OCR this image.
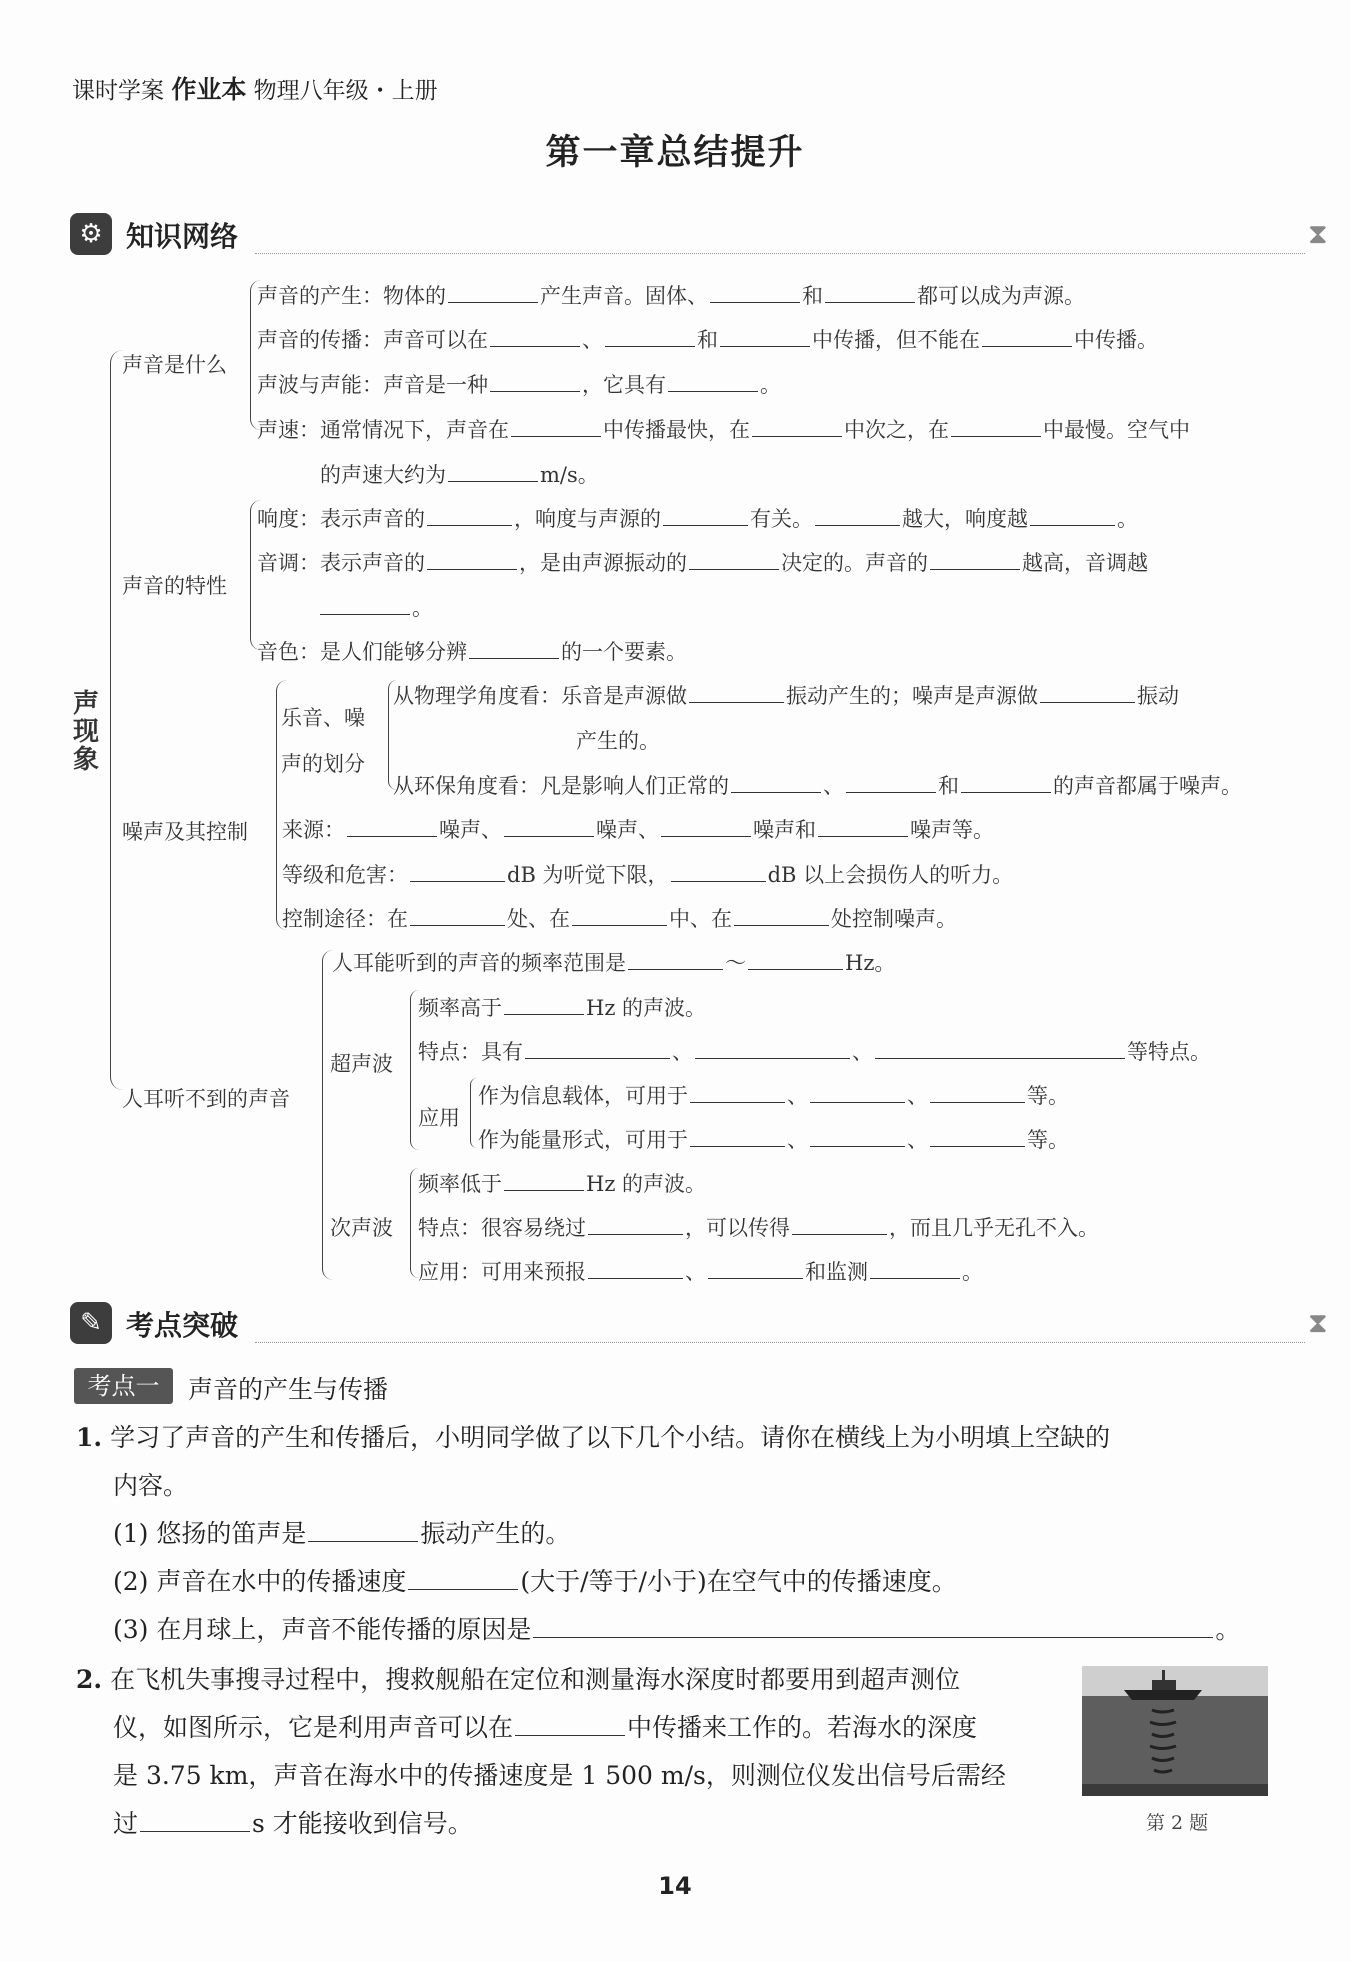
课时学案 作业本 物理八年级・上册
第一章总结提升
⚙ 知识网络	⧗
声现象
声音是什么
声音的特性
噪声及其控制
人耳听不到的声音
乐音、噪
声的划分
超声波
应用
次声波
声音的产生：物体的	产生声音。固体、	和	都可以成为声源。
声音的传播：声音可以在	、	和	中传播，但不能在	中传播。
声波与声能：声音是一种	，它具有	。
声速：通常情况下，声音在	中传播最快，在	中次之，在	中最慢。空气中
的声速大约为	m/s。
响度：表示声音的	，响度与声源的	有关。	越大，响度越	。
音调：表示声音的	，是由声源振动的	决定的。声音的	越高，音调越
。
音色：是人们能够分辨	的一个要素。
从物理学角度看：乐音是声源做	振动产生的；噪声是声源做	振动
产生的。
从环保角度看：凡是影响人们正常的	、	和	的声音都属于噪声。
来源：	噪声、	噪声、	噪声和	噪声等。
等级和危害：	dB 为听觉下限，	dB 以上会损伤人的听力。
控制途径：在	处、在	中、在	处控制噪声。
人耳能听到的声音的频率范围是	～	Hz。
频率高于	Hz 的声波。
特点：具有	、	、	等特点。
作为信息载体，可用于	、	、	等。
作为能量形式，可用于	、	、	等。
频率低于	Hz 的声波。
特点：很容易绕过	，可以传得	，而且几乎无孔不入。
应用：可用来预报	、	和监测	。
✎ 考点突破	⧗
考点一	声音的产生与传播
1. 学习了声音的产生和传播后，小明同学做了以下几个小结。请你在横线上为小明填上空缺的
内容。
(1) 悠扬的笛声是	振动产生的。
(2) 声音在水中的传播速度	(大于/等于/小于)在空气中的传播速度。
(3) 在月球上，声音不能传播的原因是	。
2. 在飞机失事搜寻过程中，搜救舰船在定位和测量海水深度时都要用到超声测位
仪，如图所示，它是利用声音可以在	中传播来工作的。若海水的深度
是 3.75 km，声音在海水中的传播速度是 1 500 m/s，则测位仪发出信号后需经
过	s 才能接收到信号。	第 2 题
14
